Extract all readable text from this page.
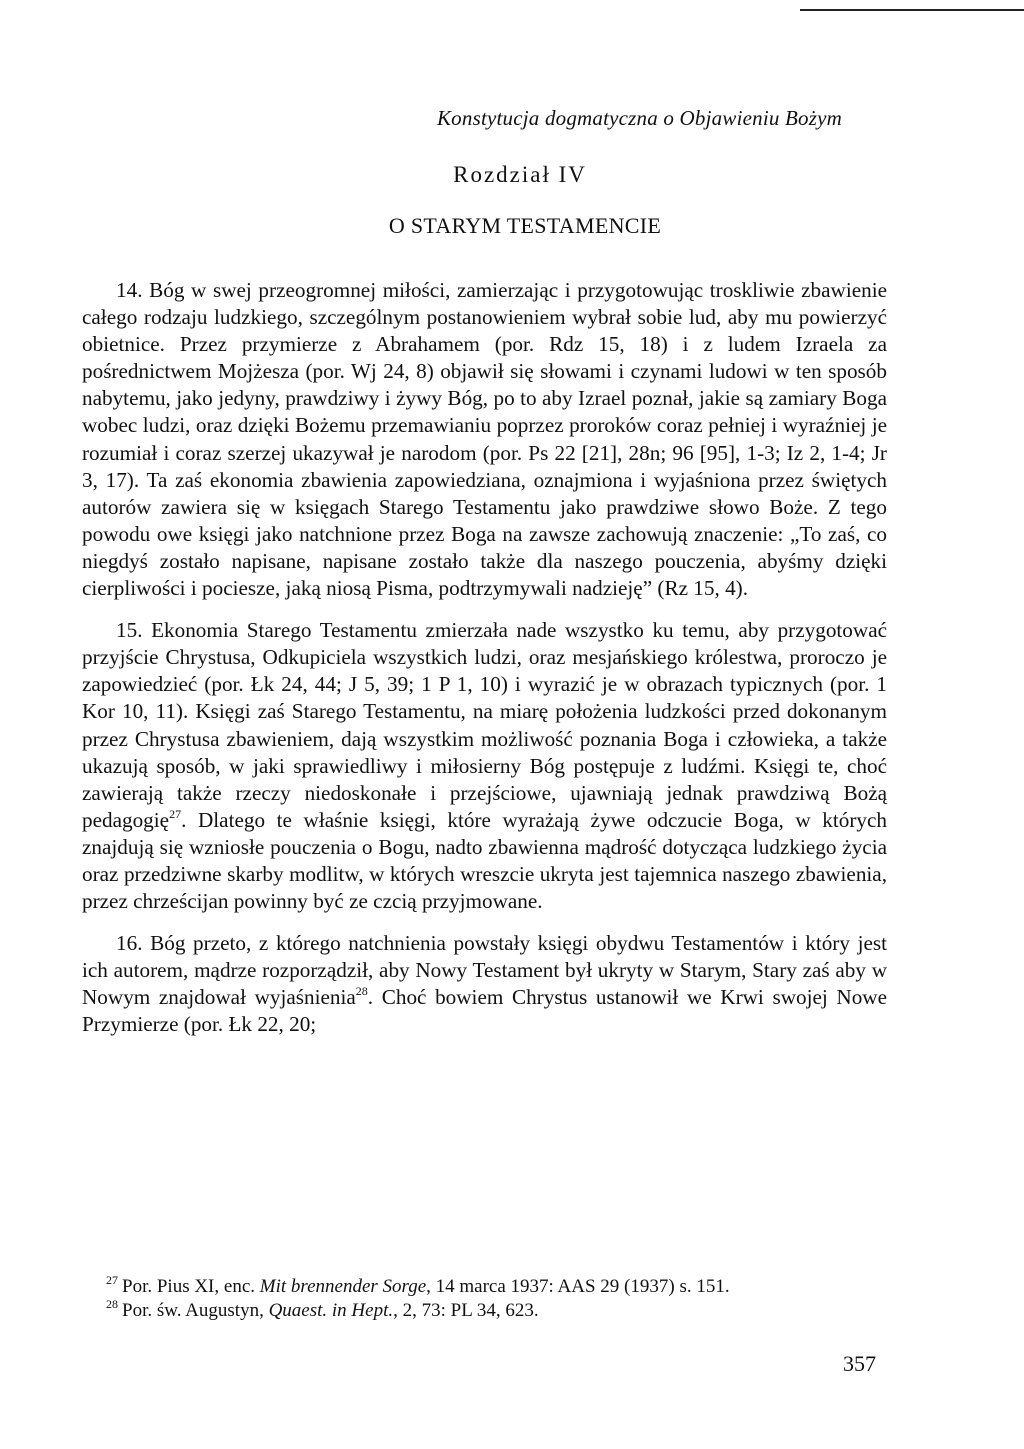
Konstytucja dogmatyczna o Objawieniu Bożym
Rozdział IV
O STARYM TESTAMENCIE

14. Bóg w swej przeogromnej miłości, zamierzając i przygotowując troskliwie zbawienie całego rodzaju ludzkiego, szczególnym postanowieniem wybrał sobie lud, aby mu powierzyć obietnice. Przez przymierze z Abrahamem (por. Rdz 15, 18) i z ludem Izraela za pośrednictwem Mojżesza (por. Wj 24, 8) objawił się słowami i czynami ludowi w ten sposób nabytemu, jako jedyny, prawdziwy i żywy Bóg, po to aby Izrael poznał, jakie są zamiary Boga wobec ludzi, oraz dzięki Bożemu przemawianiu poprzez proroków coraz pełniej i wyraźniej je rozumiał i coraz szerzej ukazywał je narodom (por. Ps 22 [21], 28n; 96 [95], 1-3; Iz 2, 1-4; Jr 3, 17). Ta zaś ekonomia zbawienia zapowiedziana, oznajmiona i wyjaśniona przez świętych autorów zawiera się w księgach Starego Testamentu jako prawdziwe słowo Boże. Z tego powodu owe księgi jako natchnione przez Boga na zawsze zachowują znaczenie: „To zaś, co niegdyś zostało napisane, napisane zostało także dla naszego pouczenia, abyśmy dzięki cierpliwości i pociesze, jaką niosą Pisma, podtrzymywali nadzieję” (Rz 15, 4).

15. Ekonomia Starego Testamentu zmierzała nade wszystko ku temu, aby przygotować przyjście Chrystusa, Odkupiciela wszystkich ludzi, oraz mesjańskiego królestwa, proroczo je zapowiedzieć (por. Łk 24, 44; J 5, 39; 1 P 1, 10) i wyrazić je w obrazach typicznych (por. 1 Kor 10, 11). Księgi zaś Starego Testamentu, na miarę położenia ludzkości przed dokonanym przez Chrystusa zbawieniem, dają wszystkim możliwość poznania Boga i człowieka, a także ukazują sposób, w jaki sprawiedliwy i miłosierny Bóg postępuje z ludźmi. Księgi te, choć zawierają także rzeczy niedoskonałe i przejściowe, ujawniają jednak prawdziwą Bożą pedagogię$^{27}$. Dlatego te właśnie księgi, które wyrażają żywe odczucie Boga, w których znajdują się wzniosłe pouczenia o Bogu, nadto zbawienna mądrość dotycząca ludzkiego życia oraz przedziwne skarby modlitw, w których wreszcie ukryta jest tajemnica naszego zbawienia, przez chrześcijan powinny być ze czcią przyjmowane.

16. Bóg przeto, z którego natchnienia powstały księgi obydwu Testamentów i który jest ich autorem, mądrze rozporządził, aby Nowy Testament był ukryty w Starym, Stary zaś aby w Nowym znajdował wyjaśnienia$^{28}$. Choć bowiem Chrystus ustanowił we Krwi swojej Nowe Przymierze (por. Łk 22, 20;

$^{27}$ Por. Pius XI, enc. Mit brennender Sorge, 14 marca 1937: AAS 29 (1937) s. 151.

$^{28}$ Por. św. Augustyn, Quaest. in Hept., 2, 73: PL 34, 623.

357
